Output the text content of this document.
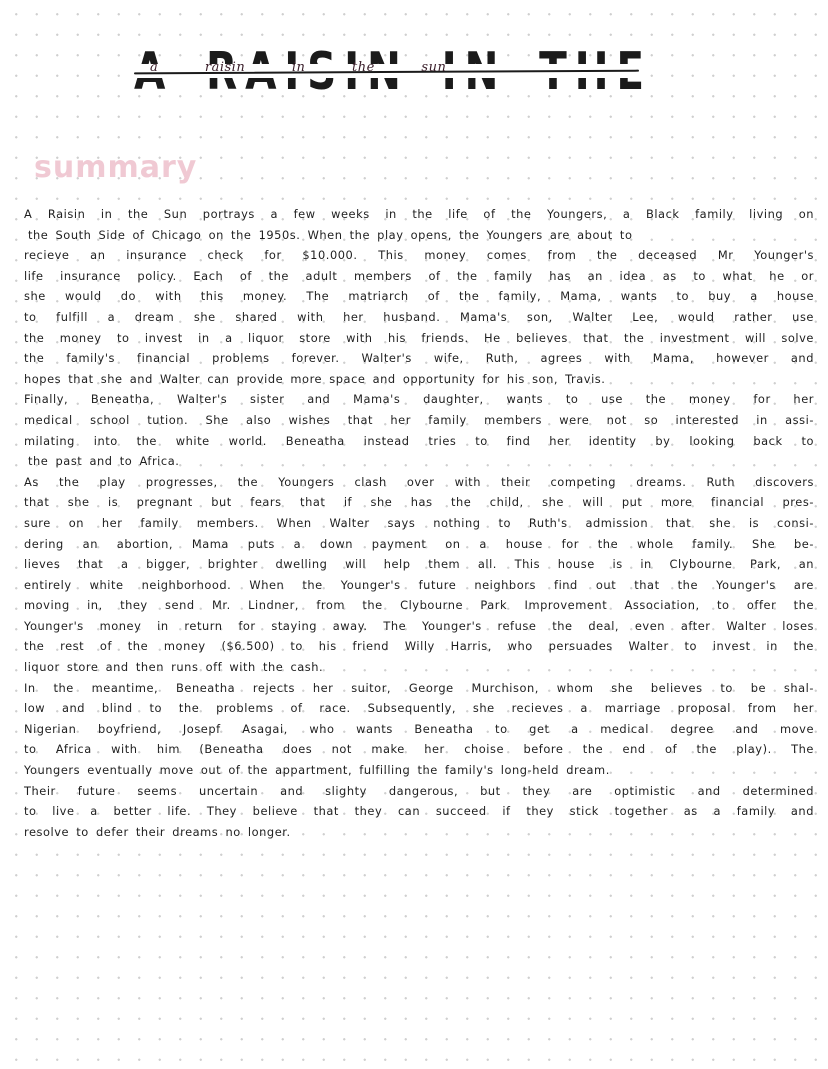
a raisin in the sun
summary
A Raisin in the Sun portrays a few weeks in the life of the Youngers, a Black family living on
the South Side of Chicago on the 1950s. When the play opens, the Youngers are about to
recieve an insurance check for $10.000. This money comes from the deceased Mr Younger's
life insurance policy. Each of the adult members of the family has an idea as to what he or
she would do with this money. The matriarch of the family, Mama, wants to buy a house
to fulfill a dream she shared with her husband. Mama's son, Walter Lee, would rather use
the money to invest in a liquor store with his friends. He believes that the investment will solve
the family's financial problems forever. Walter's wife, Ruth, agrees with Mama, however and
hopes that she and Walter can provide more space and opportunity for his son, Travis.
Finally, Beneatha, Walter's sister and Mama's daughter, wants to use the money for her
medical school tution. She also wishes that her family members were not so interested in assi-
milating into the white world. Beneatha instead tries to find her identity by looking back to
the past and to Africa.
As the play progresses, the Youngers clash over with their competing dreams. Ruth discovers
that she is pregnant but fears that if she has the child, she will put more financial pres-
sure on her family members. When Walter says nothing to Ruth's admission that she is consi-
dering an abortion, Mama puts a down payment on a house for the whole family. She be-
lieves that a bigger, brighter dwelling will help them all. This house is in Clybourne Park, an
entirely white neighborhood. When the Younger's future neighbors find out that the Younger's are
moving in, they send Mr. Lindner, from the Clybourne Park Improvement Association, to offer the
Younger's money in return for staying away. The Younger's refuse the deal, even after Walter loses
the rest of the money ($6.500) to his friend Willy Harris, who persuades Walter to invest in the
liquor store and then runs off with the cash.
In the meantime, Beneatha rejects her suitor, George Murchison, whom she believes to be shal-
low and blind to the problems of race. Subsequently, she recieves a marriage proposal from her
Nigerian boyfriend, Josepf Asagai, who wants Beneatha to get a medical degree and move
to Africa with him (Beneatha does not make her choise before the end of the play). The
Youngers eventually move out of the appartment, fulfilling the family's long-held dream.
Their future seems uncertain and slighty dangerous, but they are optimistic and determined
to live a better life. They believe that they can succeed if they stick together as a family and
resolve to defer their dreams no longer.
